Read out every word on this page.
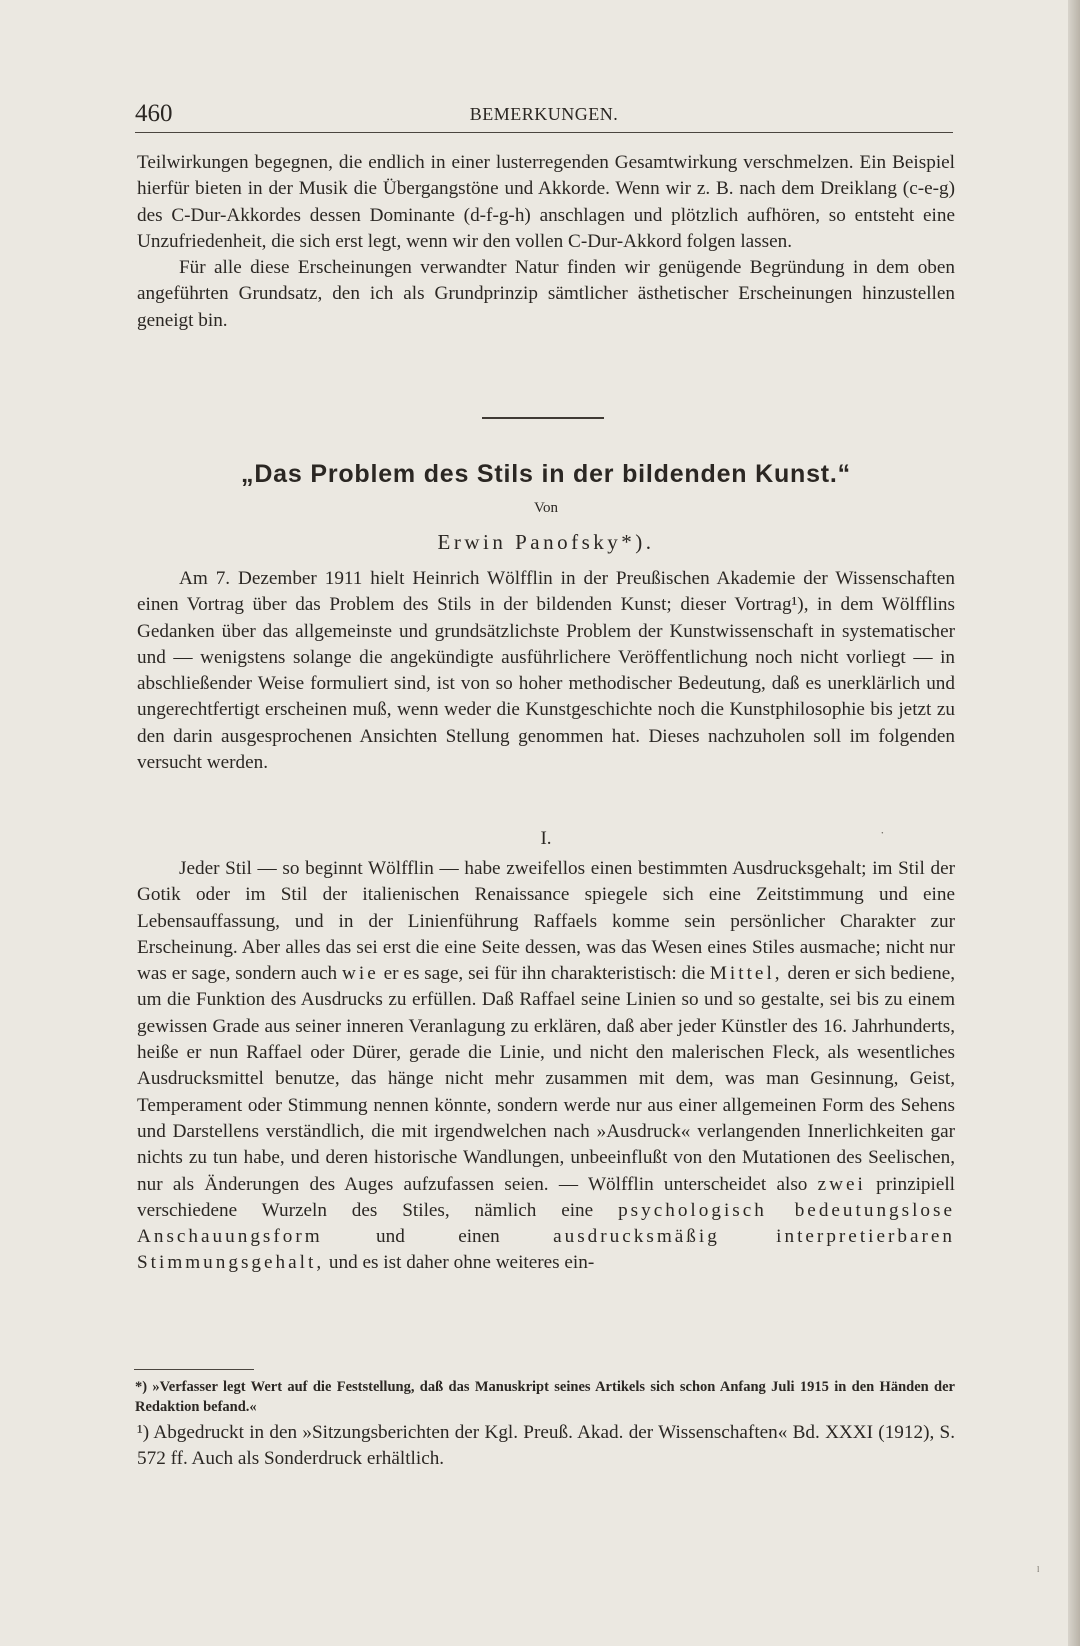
460	BEMERKUNGEN.

Teilwirkungen begegnen, die endlich in einer lusterregenden Gesamtwirkung verschmelzen. Ein Beispiel hierfür bieten in der Musik die Übergangstöne und Akkorde. Wenn wir z. B. nach dem Dreiklang (c-e-g) des C-Dur-Akkordes dessen Dominante (d-f-g-h) anschlagen und plötzlich aufhören, so entsteht eine Unzufriedenheit, die sich erst legt, wenn wir den vollen C-Dur-Akkord folgen lassen.

Für alle diese Erscheinungen verwandter Natur finden wir genügende Begründung in dem oben angeführten Grundsatz, den ich als Grundprinzip sämtlicher ästhetischer Erscheinungen hinzustellen geneigt bin.

„Das Problem des Stils in der bildenden Kunst.“
Von
Erwin Panofsky*).

Am 7. Dezember 1911 hielt Heinrich Wölfflin in der Preußischen Akademie der Wissenschaften einen Vortrag über das Problem des Stils in der bildenden Kunst; dieser Vortrag¹), in dem Wölfflins Gedanken über das allgemeinste und grundsätzlichste Problem der Kunstwissenschaft in systematischer und — wenigstens solange die angekündigte ausführlichere Veröffentlichung noch nicht vorliegt — in abschließender Weise formuliert sind, ist von so hoher methodischer Bedeutung, daß es unerklärlich und ungerechtfertigt erscheinen muß, wenn weder die Kunstgeschichte noch die Kunstphilosophie bis jetzt zu den darin ausgesprochenen Ansichten Stellung genommen hat. Dieses nachzuholen soll im folgenden versucht werden.

I.

Jeder Stil — so beginnt Wölfflin — habe zweifellos einen bestimmten Ausdrucksgehalt; im Stil der Gotik oder im Stil der italienischen Renaissance spiegele sich eine Zeitstimmung und eine Lebensauffassung, und in der Linienführung Raffaels komme sein persönlicher Charakter zur Erscheinung. Aber alles das sei erst die eine Seite dessen, was das Wesen eines Stiles ausmache; nicht nur was er sage, sondern auch wie er es sage, sei für ihn charakteristisch: die Mittel, deren er sich bediene, um die Funktion des Ausdrucks zu erfüllen. Daß Raffael seine Linien so und so gestalte, sei bis zu einem gewissen Grade aus seiner inneren Veranlagung zu erklären, daß aber jeder Künstler des 16. Jahrhunderts, heiße er nun Raffael oder Dürer, gerade die Linie, und nicht den malerischen Fleck, als wesentliches Ausdrucksmittel benutze, das hänge nicht mehr zusammen mit dem, was man Gesinnung, Geist, Temperament oder Stimmung nennen könnte, sondern werde nur aus einer allgemeinen Form des Sehens und Darstellens verständlich, die mit irgendwelchen nach »Ausdruck« verlangenden Innerlichkeiten gar nichts zu tun habe, und deren historische Wandlungen, unbeeinflußt von den Mutationen des Seelischen, nur als Änderungen des Auges aufzufassen seien. — Wölfflin unterscheidet also zwei prinzipiell verschiedene Wurzeln des Stiles, nämlich eine psychologisch bedeutungslose Anschauungsform	und einen	ausdrucksmäßig interpretierbaren Stimmungsgehalt, und es ist daher ohne weiteres ein-

*) »Verfasser legt Wert auf die Feststellung, daß das Manuskript seines Artikels sich schon Anfang Juli 1915 in den Händen der Redaktion befand.«
¹) Abgedruckt in den »Sitzungsberichten der Kgl. Preuß. Akad. der Wissenschaften« Bd. XXXI (1912), S. 572 ff. Auch als Sonderdruck erhältlich.
˙
ˡ
